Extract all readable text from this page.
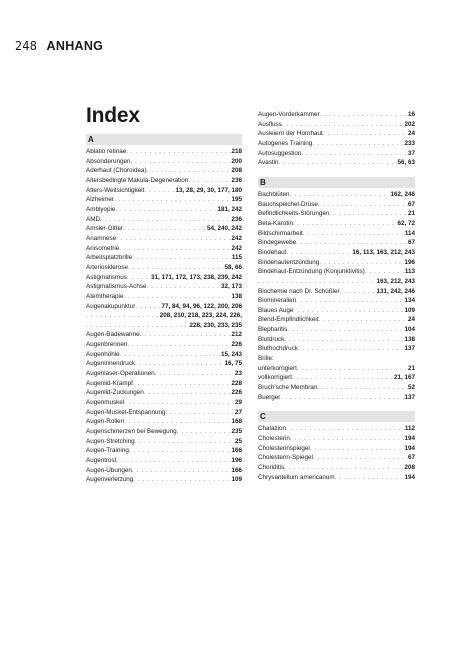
248 ANHANG
Index
A
Ablatio retinae . . .	218
Absonderungen . . .	200
Aderhaut (Choroidea) . . .	208
Altersbedingte Makula-Degeneration . . .	236
Alters-Weitsichtigkeit . . .	13, 28, 29, 30, 177, 180
Alzheimer . . .	195
Amblyopie . . .	181, 242
AMD . . .	236
Amsler-Gitter . . .	54, 240, 242
Anamnese . . .	242
Anisometrie . . .	242
Arbeitsplatzbrille . . .	115
Arteriosklerose . . .	58, 66
Astigmatismus . . .	31, 171, 172, 173, 238, 239, 242
Astigmatismus-Achse . . .	32, 173
Atemtherapie . . .	138
Augenakupunktur . . .	77, 84, 94, 96, 122, 200, 206
. . .
208, 210, 218, 223, 224, 226,
. . .
228, 230, 233, 235
Augen-Badewanne . . .	212
Augenbrennen . . .	226
Augenhöhle . . .	15, 243
Augeninnendruck . . .	16, 75
Augenlaser-Operationen . . .	23
Augenlid-Krampf . . .	228
Augenlid-Zuckungen . . .	226
Augenmuskel . . .	29
Augen-Muskel-Entspannung . . .	27
Augen-Rollen . . .	168
Augenschmerzen bei Bewegung . . .	235
Augen-Stretching . . .	25
Augen-Training . . .	166
Augentrost . . .	196
Augen-Übungen . . .	166
Augenverletzung . . .	109
Augen-Vorderkammer . . .	16
Ausfluss . . .	202
Ausleiern der Hornhaut . . .	24
Autogenes Training . . .	233
Autosuggestion . . .	37
Avastin . . .	56, 63
B
Bachblüten . . .	162, 246
Bauchspeichel-Drüse . . .	67
Befindlichkeits-Störungen . . .	21
Beta-Karotin . . .	62, 72
Bildschirmarbeit . . .	114
Bindegewebe . . .	67
Bindehaut . . .	16, 113, 163, 212, 243
Bindehautentzündung . . .	196
Bindehaut-Entzündung (Konjunktivitis) . . .	113
. . .
163, 212, 243
Biochemie nach Dr. Schüßler . . .	131, 242, 246
Biomineralien . . .	134
Blaues Auge . . .	109
Blend-Empfindlichkeit . . .	24
Blepharitis . . .	104
Blutdruck . . .	138
Bluthochdruck . . .	137
Brille:
unterkorrigiert . . .	21
vollkorrigiert . . .	21, 167
Bruch'sche Membran . . .	52
Buerger . . .	137
C
Chalazion . . .	112
Cholesterin . . .	194
Cholesterinspiegel . . .	194
Cholesterin-Spiegel . . .	67
Choriditis . . .	208
Chrysantellum americanum . . .	194
